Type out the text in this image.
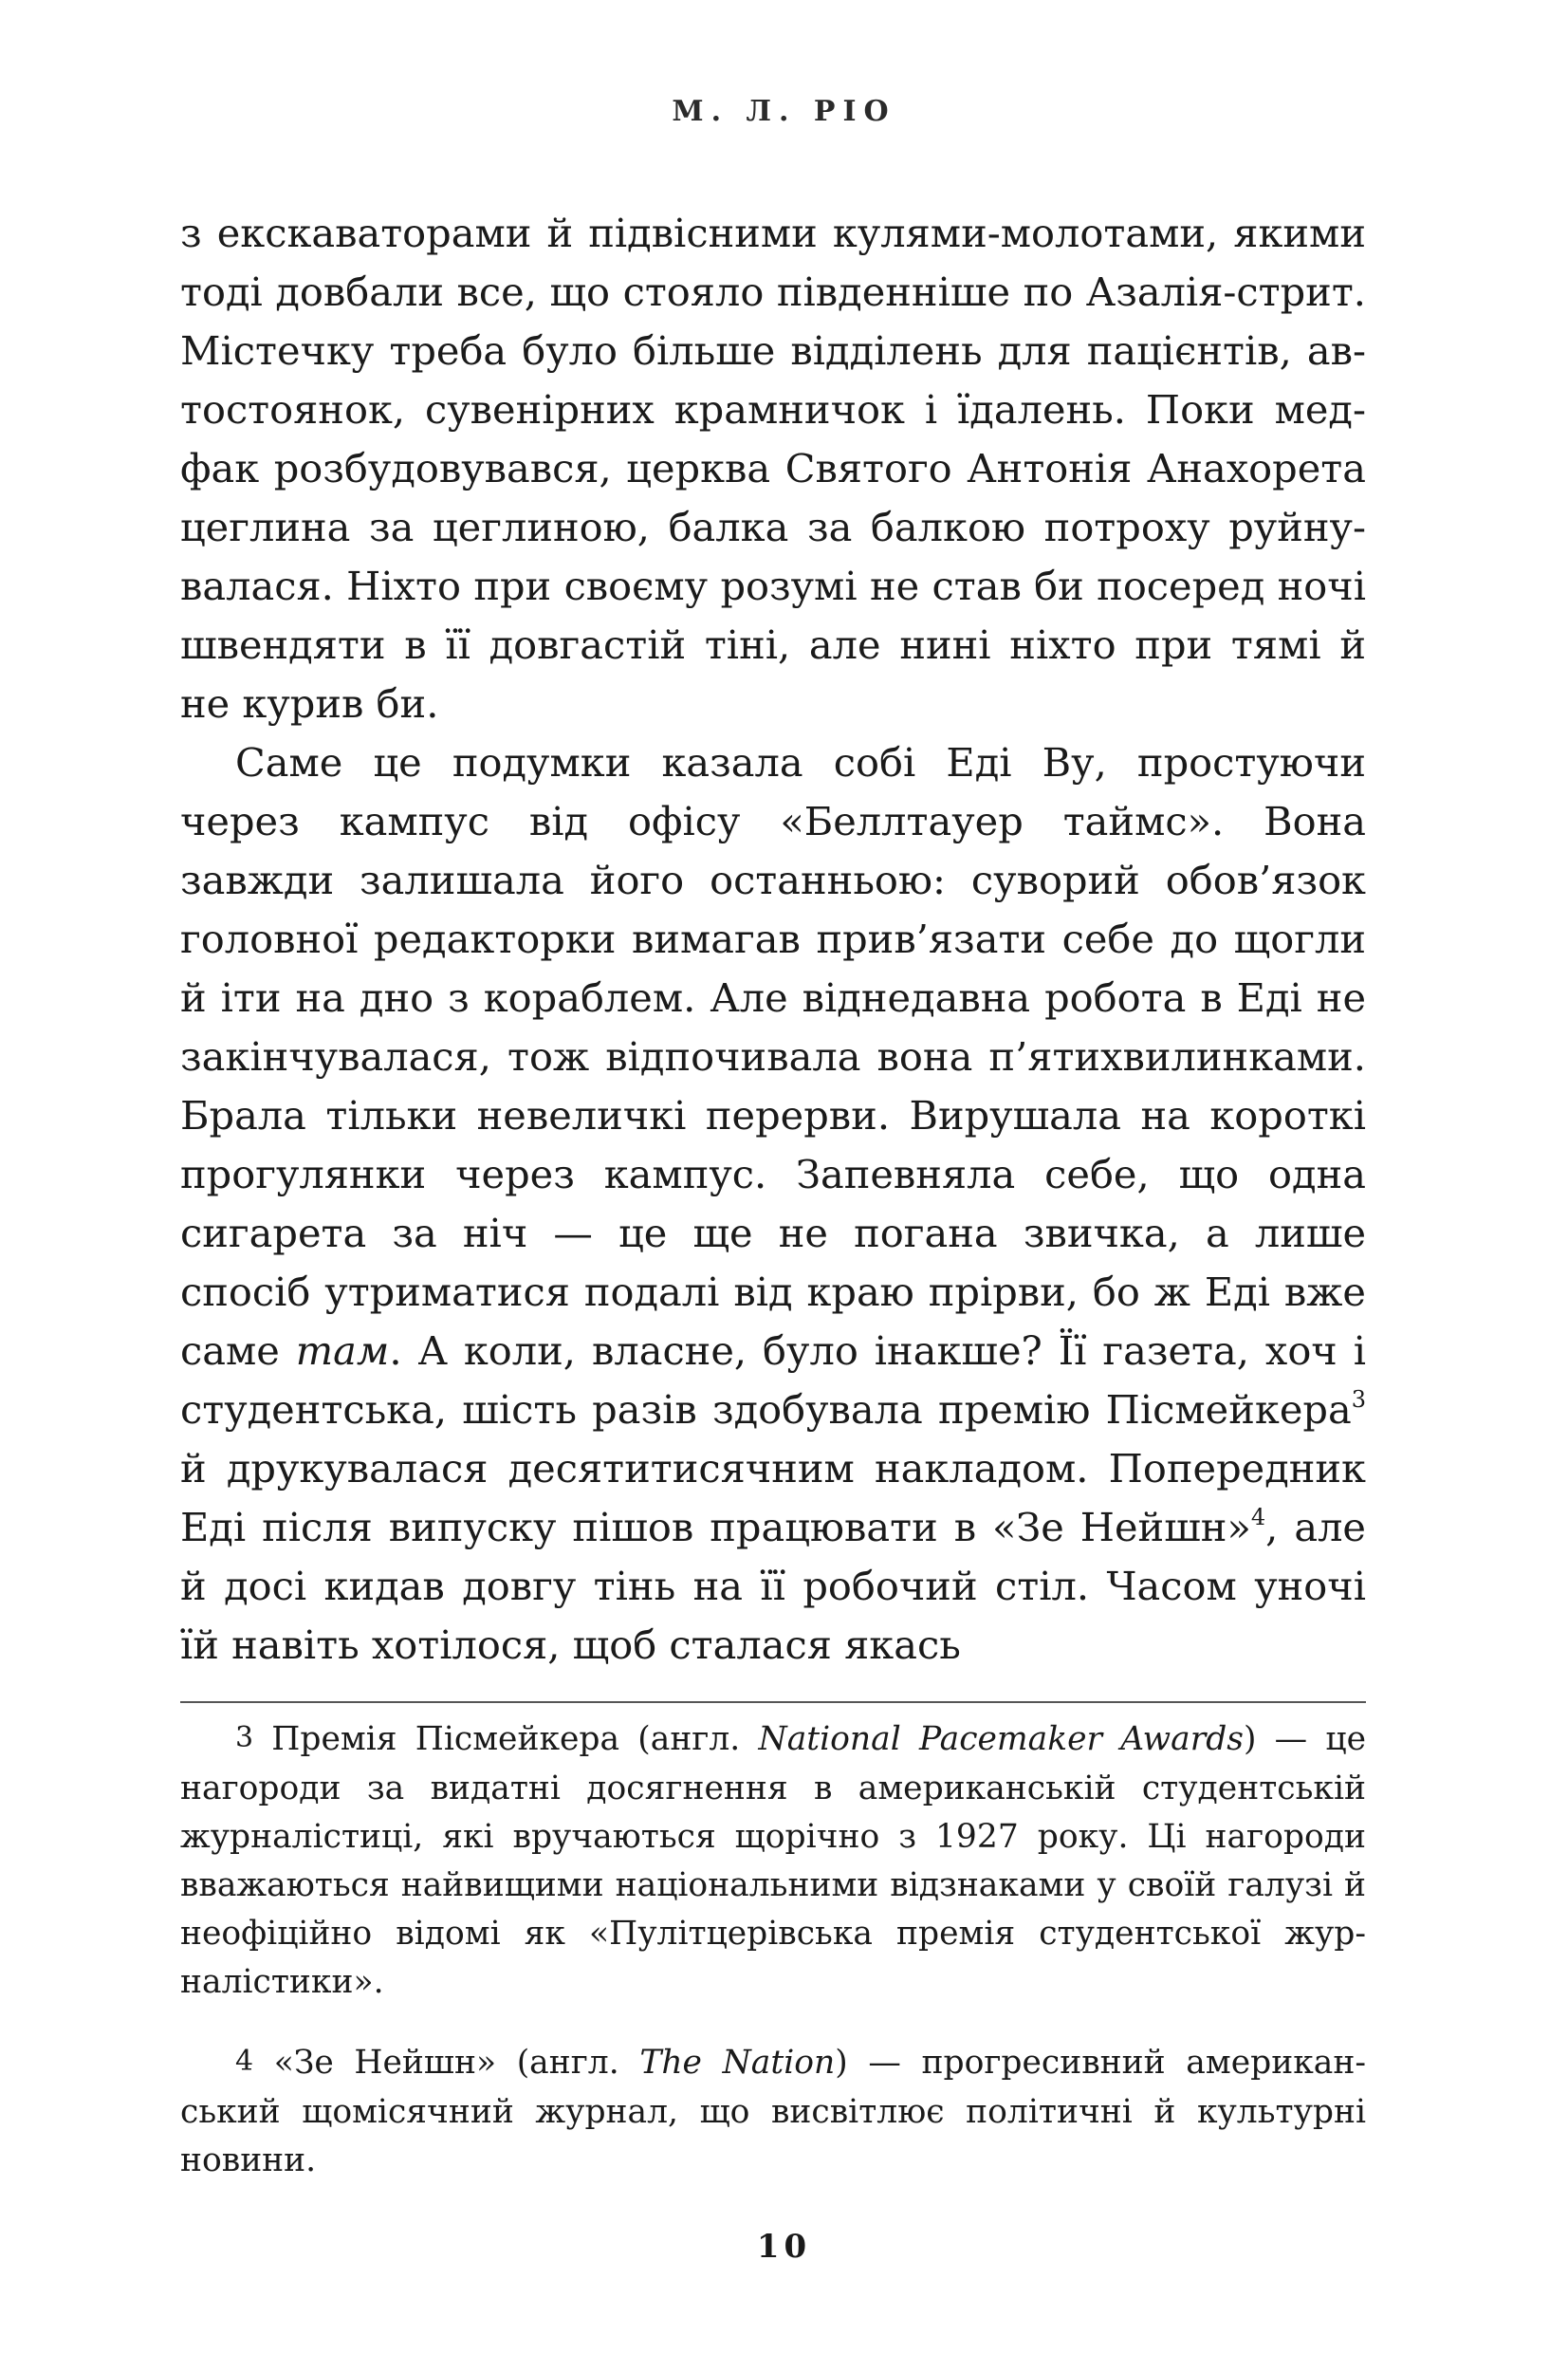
М. Л. РІО

з екскаваторами й підвісними кулями-молотами, якими тоді довбали все, що стояло південніше по Азалія-стрит. Містечку треба було більше відділень для пацієнтів, автостоянок, сувенірних крамничок і їдалень. Поки медфак розбудовувався, церква Святого Антонія Анахорета цеглина за цеглиною, балка за балкою потроху руйнувалася. Ніхто при своєму розумі не став би посеред ночі швендяти в її довгастій тіні, але нині ніхто при тямі й не курив би.

Саме це подумки казала собі Еді Ву, простуючи через кампус від офісу «Беллтауер таймс». Вона завжди залишала його останньою: суворий обов’язок головної редакторки вимагав прив’язати себе до щогли й іти на дно з кораблем. Але віднедавна робота в Еді не закінчувалася, тож відпочивала вона п’ятихвилинками. Брала тільки невеличкі перерви. Вирушала на короткі прогулянки через кампус. Запевняла себе, що одна сигарета за ніч — це ще не погана звичка, а лише спосіб утриматися подалі від краю прірви, бо ж Еді вже саме там. А коли, власне, було інакше? Її газета, хоч і студентська, шість разів здобувала премію Пісмейкера$^3$ й друкувалася десятитисячним накладом. Попередник Еді після випуску пішов працювати в «Зе Нейшн»$^4$, але й досі кидав довгу тінь на її робочий стіл. Часом уночі їй навіть хотілося, щоб сталася якась

3 Премія Пісмейкера (англ. National Pacemaker Awards) — це нагороди за видатні досягнення в американській студентській журналістиці, які вручаються щорічно з 1927 року. Ці нагороди вважаються найвищими національними відзнаками у своїй галузі й неофіційно відомі як «Пулітцерівська премія студентської журналістики».

4 «Зе Нейшн» (англ. The Nation) — прогресивний американський щомісячний журнал, що висвітлює політичні й культурні новини.

10
